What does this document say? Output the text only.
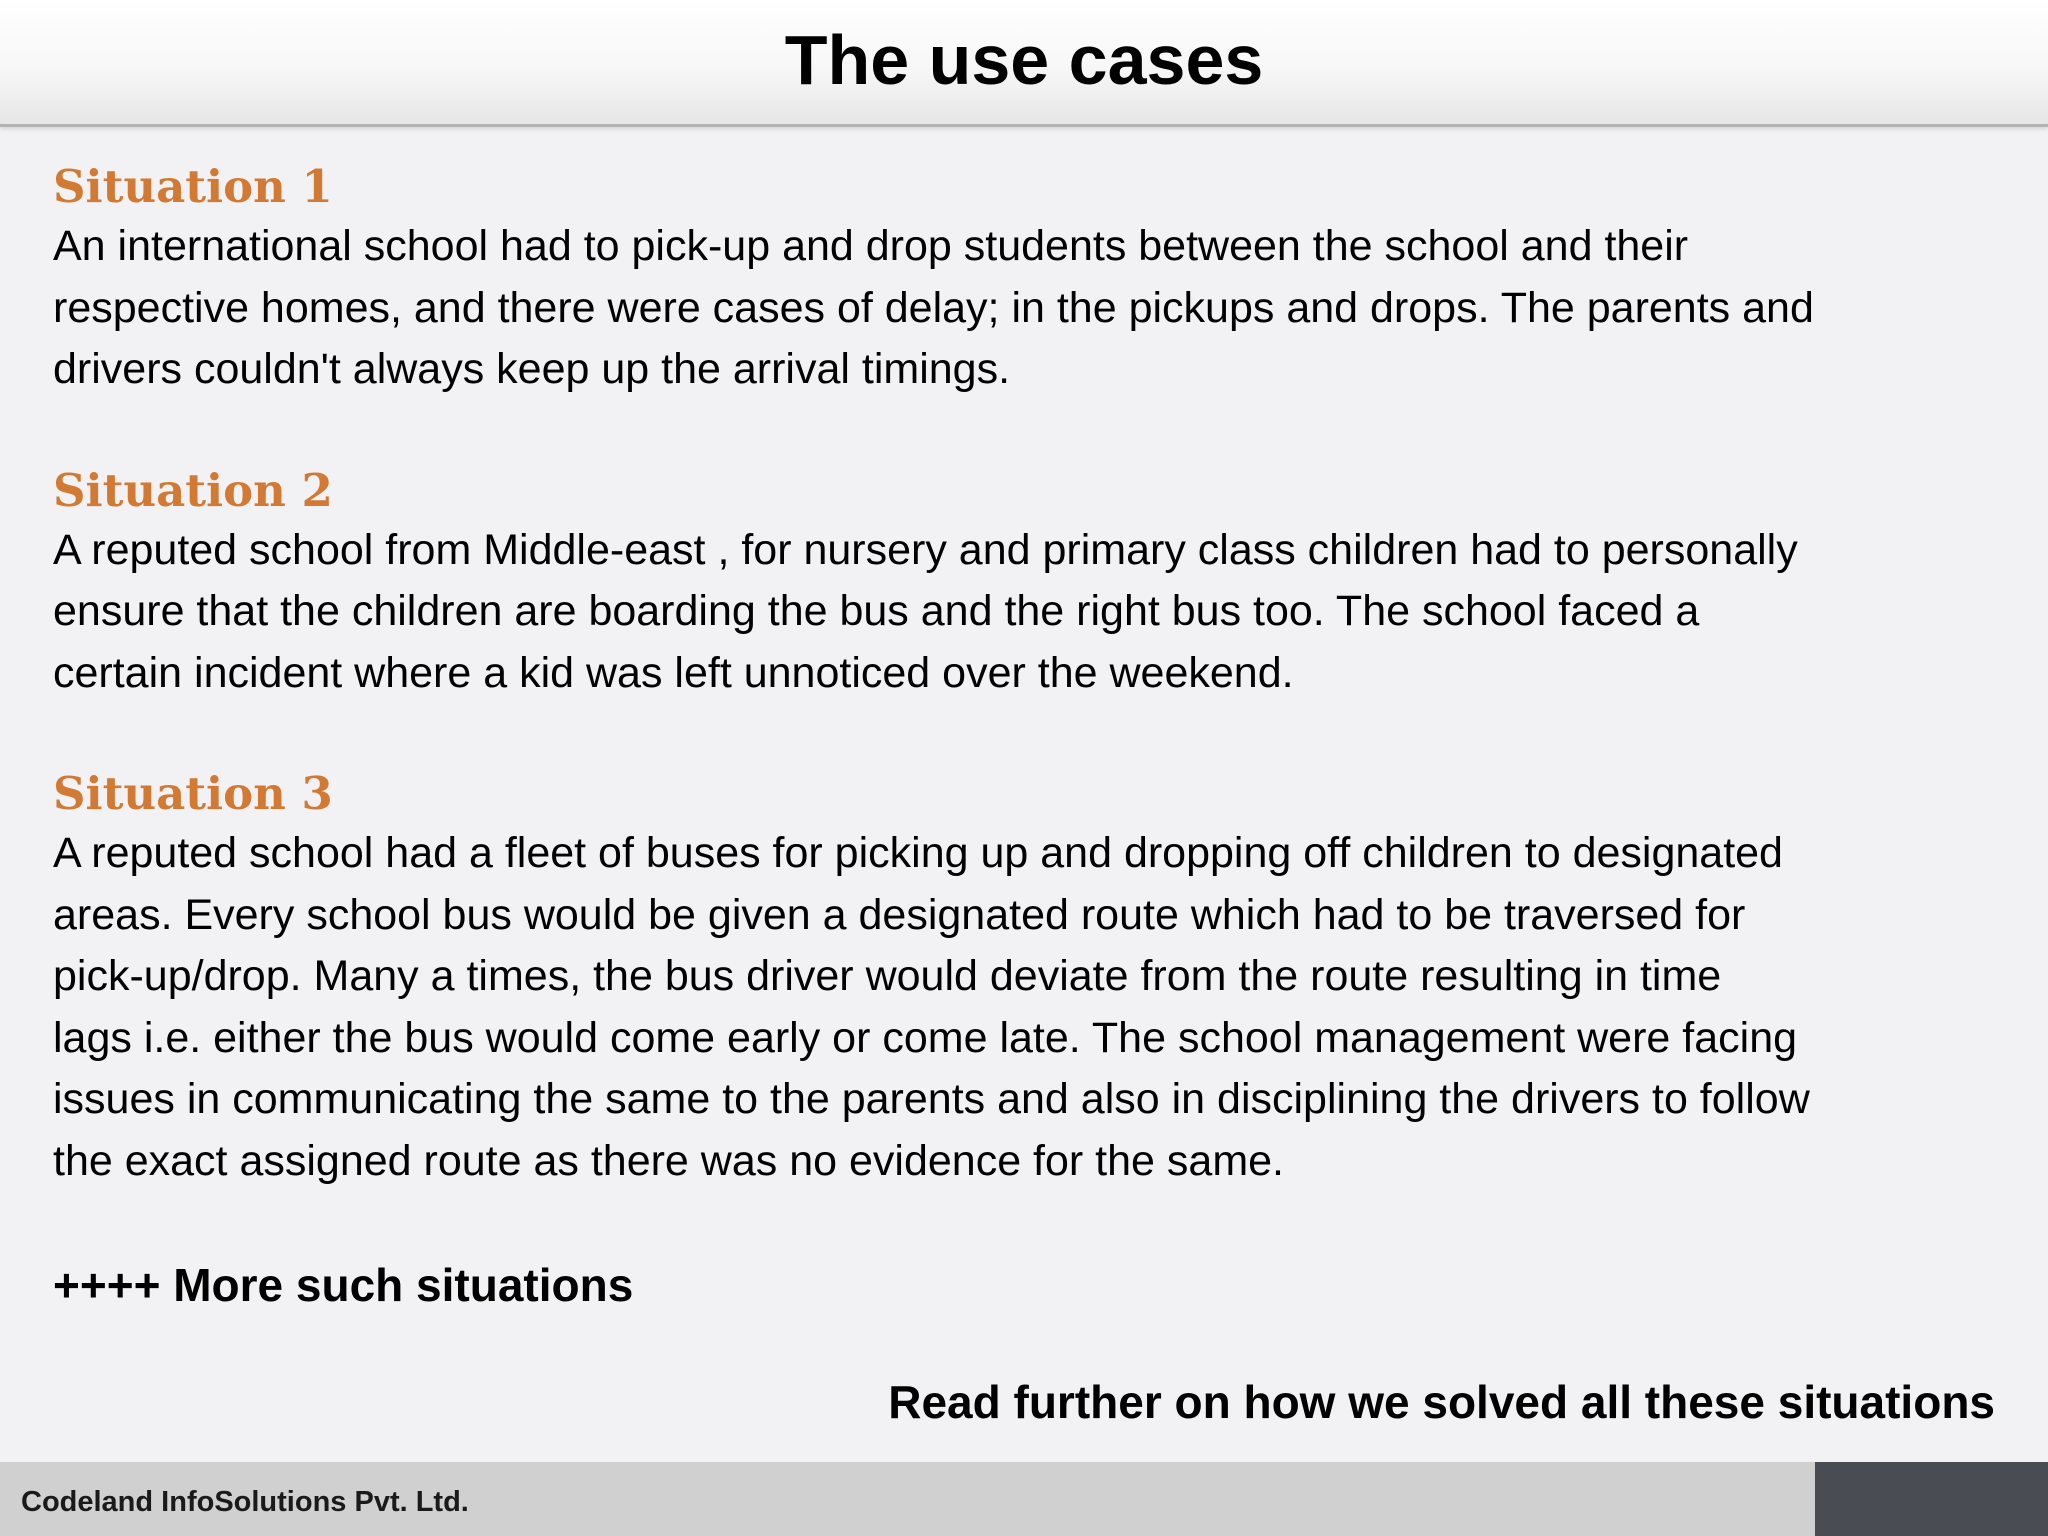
The use cases

Situation 1

An international school had to pick-up and drop students between the school and their
respective homes, and there were cases of delay; in the pickups and drops. The parents and
drivers couldn't always keep up the arrival timings.

Situation 2

A reputed school from Middle-east , for nursery and primary class children had to personally
ensure that the children are boarding the bus and the right bus too. The school faced a
certain incident where a kid was left unnoticed over the weekend.

Situation 3

A reputed school had a fleet of buses for picking up and dropping off children to designated
areas. Every school bus would be given a designated route which had to be traversed for
pick-up/drop. Many a times, the bus driver would deviate from the route resulting in time
lags i.e. either the bus would come early or come late. The school management were facing
issues in communicating the same to the parents and also in disciplining the drivers to follow
the exact assigned route as there was no evidence for the same.

++++ More such situations

Read further on how we solved all these situations

Codeland InfoSolutions Pvt. Ltd.
